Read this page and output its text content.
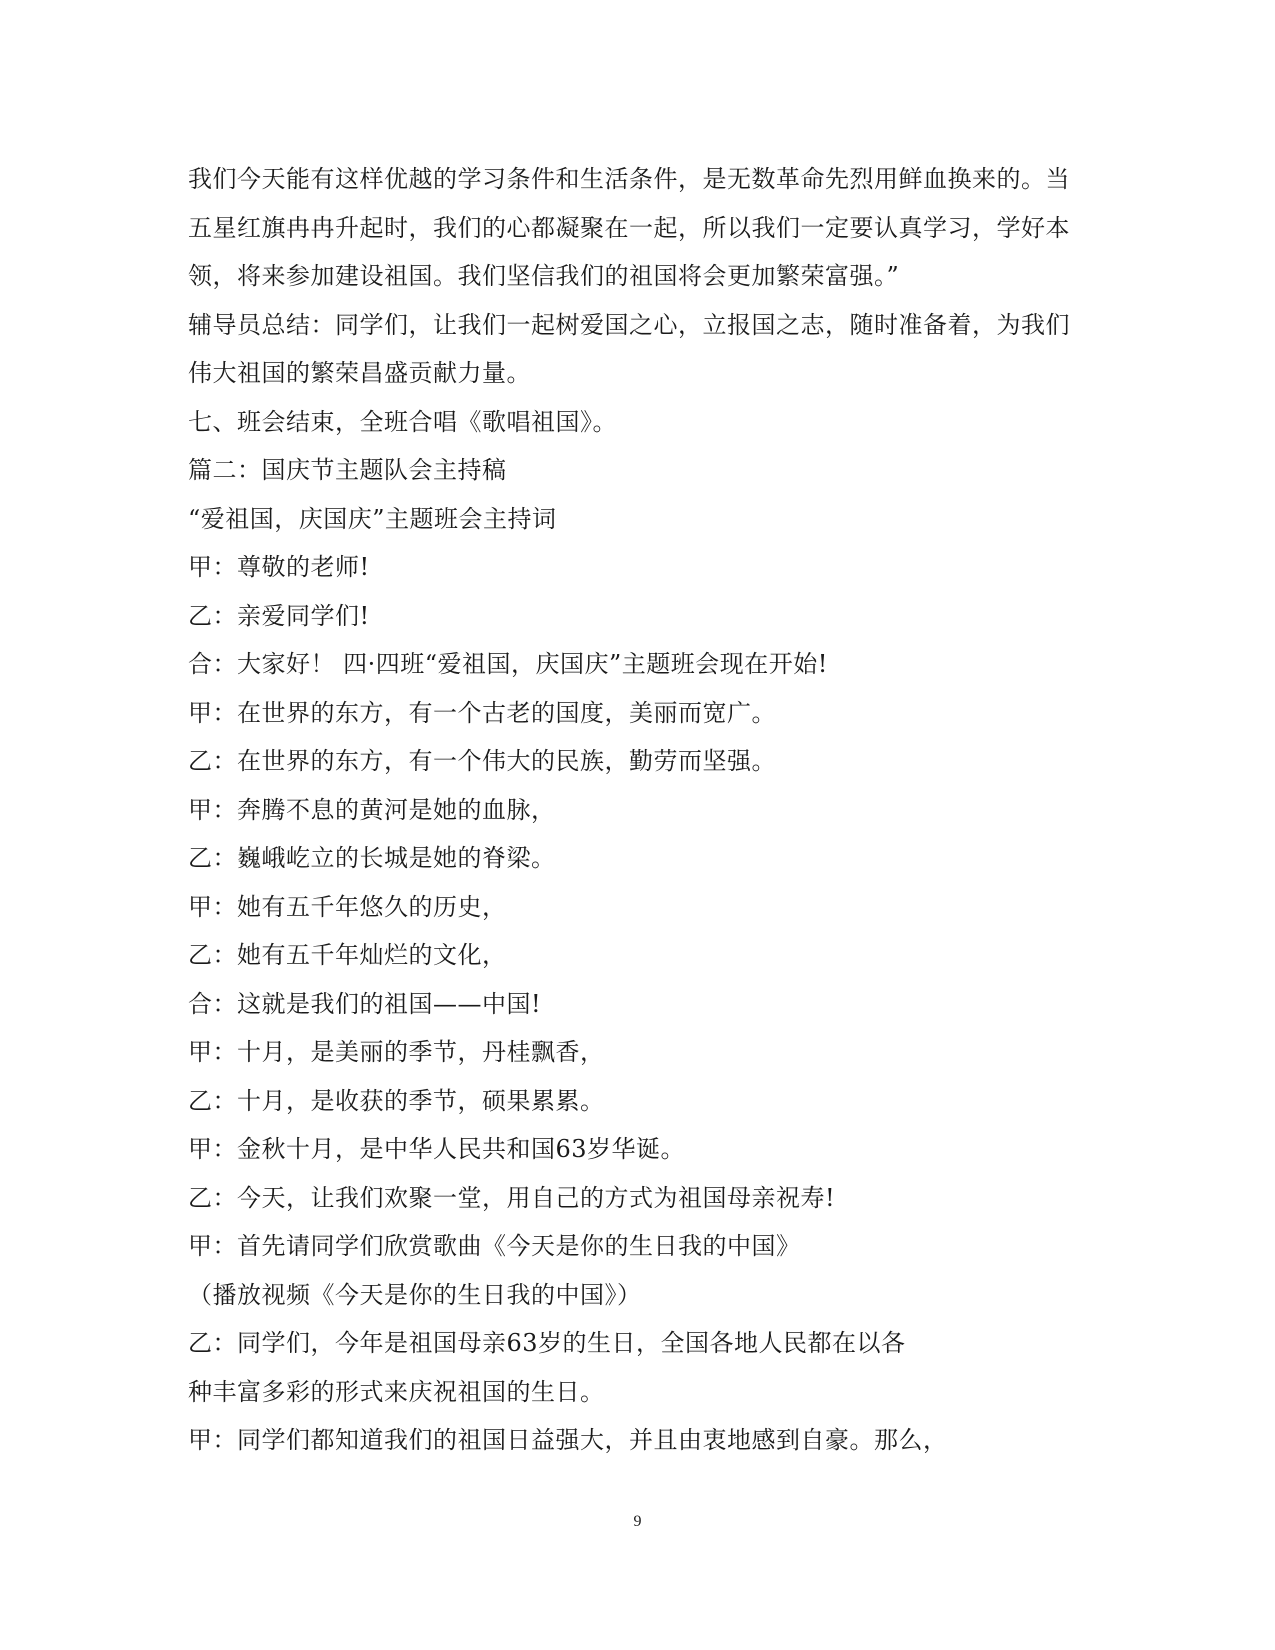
我们今天能有这样优越的学习条件和生活条件，是无数革命先烈用鲜血换来的。当
五星红旗冉冉升起时，我们的心都凝聚在一起，所以我们一定要认真学习，学好本
领，将来参加建设祖国。我们坚信我们的祖国将会更加繁荣富强。”
辅导员总结：同学们，让我们一起树爱国之心，立报国之志，随时准备着，为我们
伟大祖国的繁荣昌盛贡献力量。
七、班会结束，全班合唱《歌唱祖国》。
篇二：国庆节主题队会主持稿
“爱祖国，庆国庆”主题班会主持词
甲：尊敬的老师!
乙：亲爱同学们!
合：大家好！ 四·四班“爱祖国，庆国庆”主题班会现在开始!
甲：在世界的东方，有一个古老的国度，美丽而宽广。
乙：在世界的东方，有一个伟大的民族，勤劳而坚强。
甲：奔腾不息的黄河是她的血脉，
乙：巍峨屹立的长城是她的脊梁。
甲：她有五千年悠久的历史，
乙：她有五千年灿烂的文化，
合：这就是我们的祖国——中国!
甲：十月，是美丽的季节，丹桂飘香，
乙：十月，是收获的季节，硕果累累。
甲：金秋十月，是中华人民共和国63岁华诞。
乙：今天，让我们欢聚一堂，用自己的方式为祖国母亲祝寿!
甲：首先请同学们欣赏歌曲《今天是你的生日我的中国》
（播放视频《今天是你的生日我的中国》）
乙：同学们，今年是祖国母亲63岁的生日，全国各地人民都在以各
种丰富多彩的形式来庆祝祖国的生日。
甲：同学们都知道我们的祖国日益强大，并且由衷地感到自豪。那么，
9
